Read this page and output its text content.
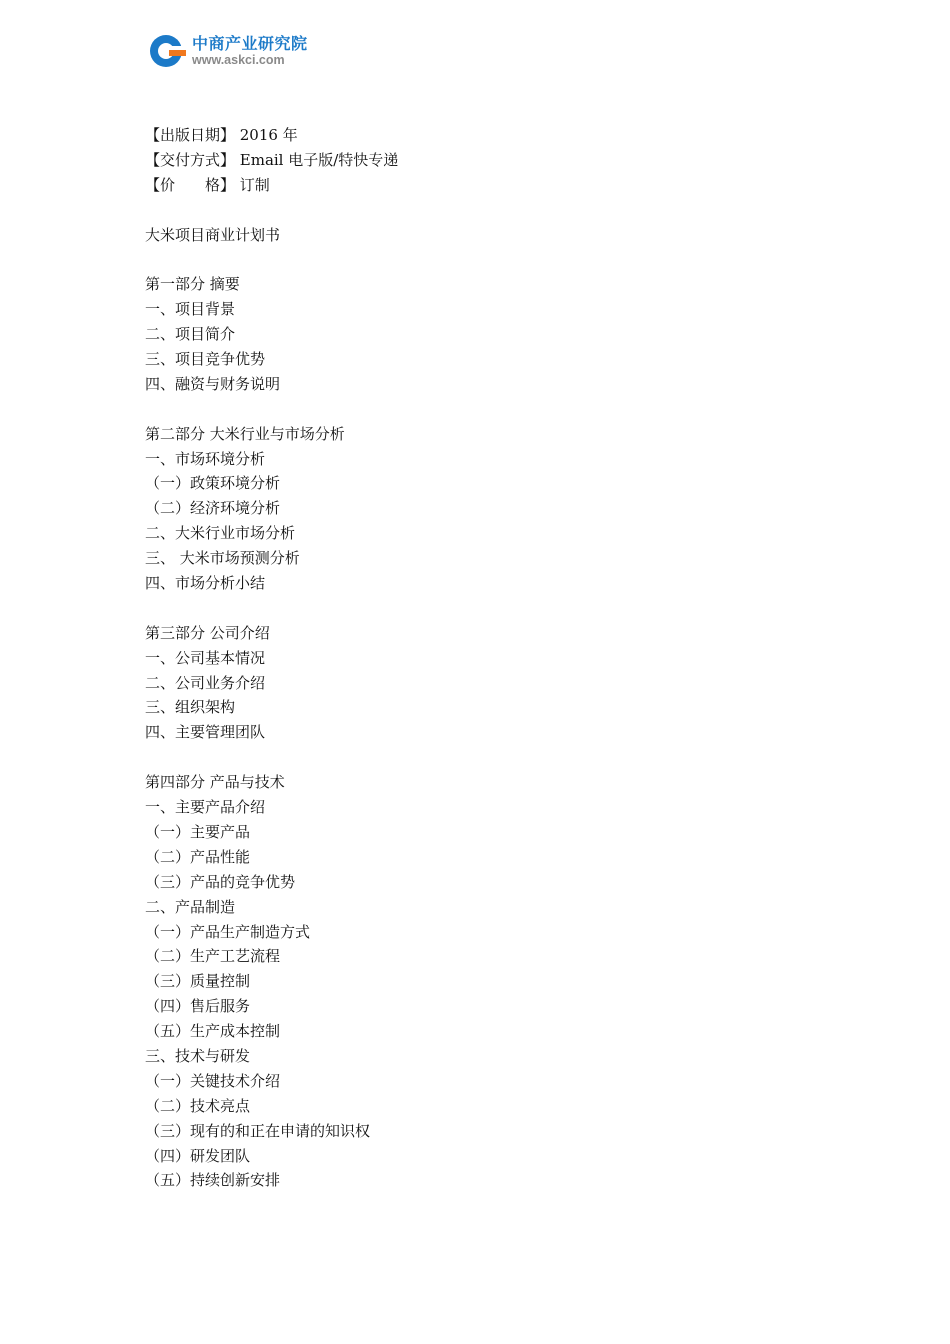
中商产业研究院
www.askci.com
【出版日期】 2016 年
【交付方式】 Email 电子版/特快专递
【价　　格】 订制
大米项目商业计划书
第一部分 摘要
一、项目背景
二、项目简介
三、项目竞争优势
四、融资与财务说明
第二部分 大米行业与市场分析
一、市场环境分析
（一）政策环境分析
（二）经济环境分析
二、大米行业市场分析
三、 大米市场预测分析
四、市场分析小结
第三部分 公司介绍
一、公司基本情况
二、公司业务介绍
三、组织架构
四、主要管理团队
第四部分 产品与技术
一、主要产品介绍
（一）主要产品
（二）产品性能
（三）产品的竞争优势
二、产品制造
（一）产品生产制造方式
（二）生产工艺流程
（三）质量控制
（四）售后服务
（五）生产成本控制
三、技术与研发
（一）关键技术介绍
（二）技术亮点
（三）现有的和正在申请的知识权
（四）研发团队
（五）持续创新安排
